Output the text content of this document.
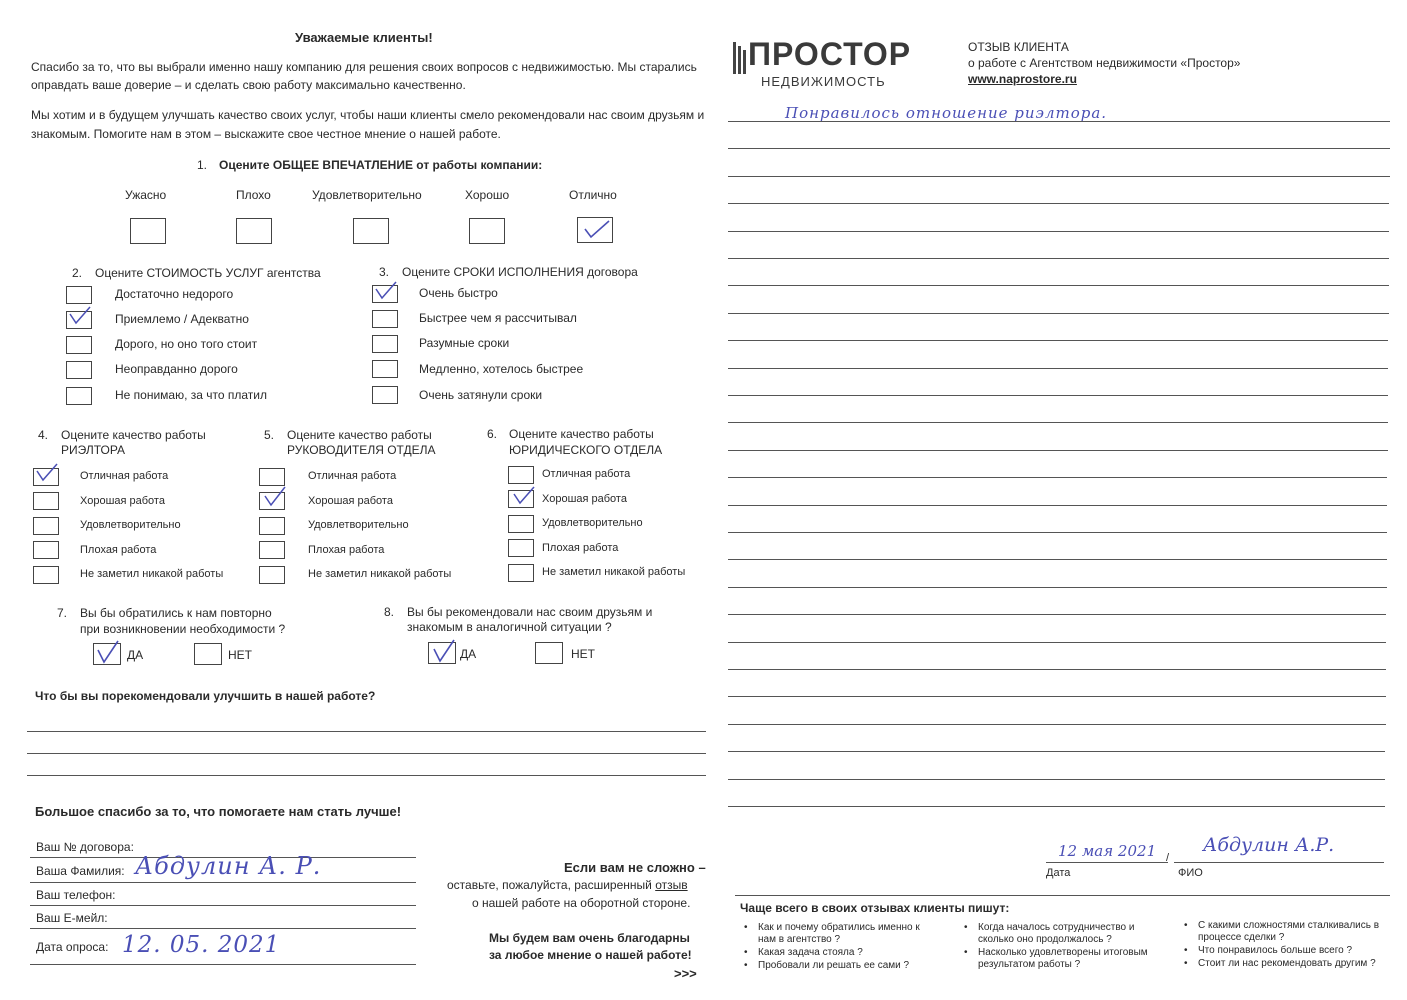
Уважаемые клиенты!
Спасибо за то, что вы выбрали именно нашу компанию для решения своих вопросов с недвижимостью. Мы старались
оправдать ваше доверие – и сделать свою работу максимально качественно.
Мы хотим и в будущем улучшать качество своих услуг, чтобы наши клиенты смело рекомендовали нас своим друзьям и
знакомым. Помогите нам в этом – выскажите свое честное мнение о нашей работе.
1. Оцените ОБЩЕЕ ВПЕЧАТЛЕНИЕ от работы компании:
Ужасно	Плохо	Удовлетворительно	Хорошо	Отлично
2. Оцените СТОИМОСТЬ УСЛУГ агентства
Достаточно недорого
Приемлемо / Адекватно
Дорого, но оно того стоит
Неоправданно дорого
Не понимаю, за что платил
3. Оцените СРОКИ ИСПОЛНЕНИЯ договора
Очень быстро
Быстрее чем я рассчитывал
Разумные сроки
Медленно, хотелось быстрее
Очень затянули сроки
4. Оцените качество работы
РИЭЛТОРА
Отличная работа
Хорошая работа
Удовлетворительно
Плохая работа
Не заметил никакой работы
5. Оцените качество работы
РУКОВОДИТЕЛЯ ОТДЕЛА
Отличная работа
Хорошая работа
Удовлетворительно
Плохая работа
Не заметил никакой работы
6. Оцените качество работы
ЮРИДИЧЕСКОГО ОТДЕЛА
Отличная работа
Хорошая работа
Удовлетворительно
Плохая работа
Не заметил никакой работы
7. Вы бы обратились к нам повторно
при возникновении необходимости ?
ДА	НЕТ
8. Вы бы рекомендовали нас своим друзьям и
знакомым в аналогичной ситуации ?
ДА	НЕТ
Что бы вы порекомендовали улучшить в нашей работе?
Большое спасибо за то, что помогаете нам стать лучше!
Ваш № договора:
Ваша Фамилия: Абдулин А. Р.
Ваш телефон:
Ваш E-мейл:
Дата опроса: 12. 05. 2021
Если вам не сложно –
оставьте, пожалуйста, расширенный отзыв
о нашей работе на оборотной стороне.
Мы будем вам очень благодарны
за любое мнение о нашей работе!
>>>
ПРОСТОР
НЕДВИЖИМОСТЬ
ОТЗЫВ КЛИЕНТА
о работе с Агентством недвижимости «Простор»
www.naprostore.ru
Понравилось отношение риэлтора.
12 мая 2021 /
Абдулин А.Р.
Дата	ФИО
Чаще всего в своих отзывах клиенты пишут:
• Как и почему обратились именно к нам в агентство ?
• Какая задача стояла ?
• Пробовали ли решать ее сами ?
• Когда началось сотрудничество и сколько оно продолжалось ?
• Насколько удовлетворены итоговым результатом работы ?
• С какими сложностями сталкивались в процессе сделки ?
• Что понравилось больше всего ?
• Стоит ли нас рекомендовать другим ?
